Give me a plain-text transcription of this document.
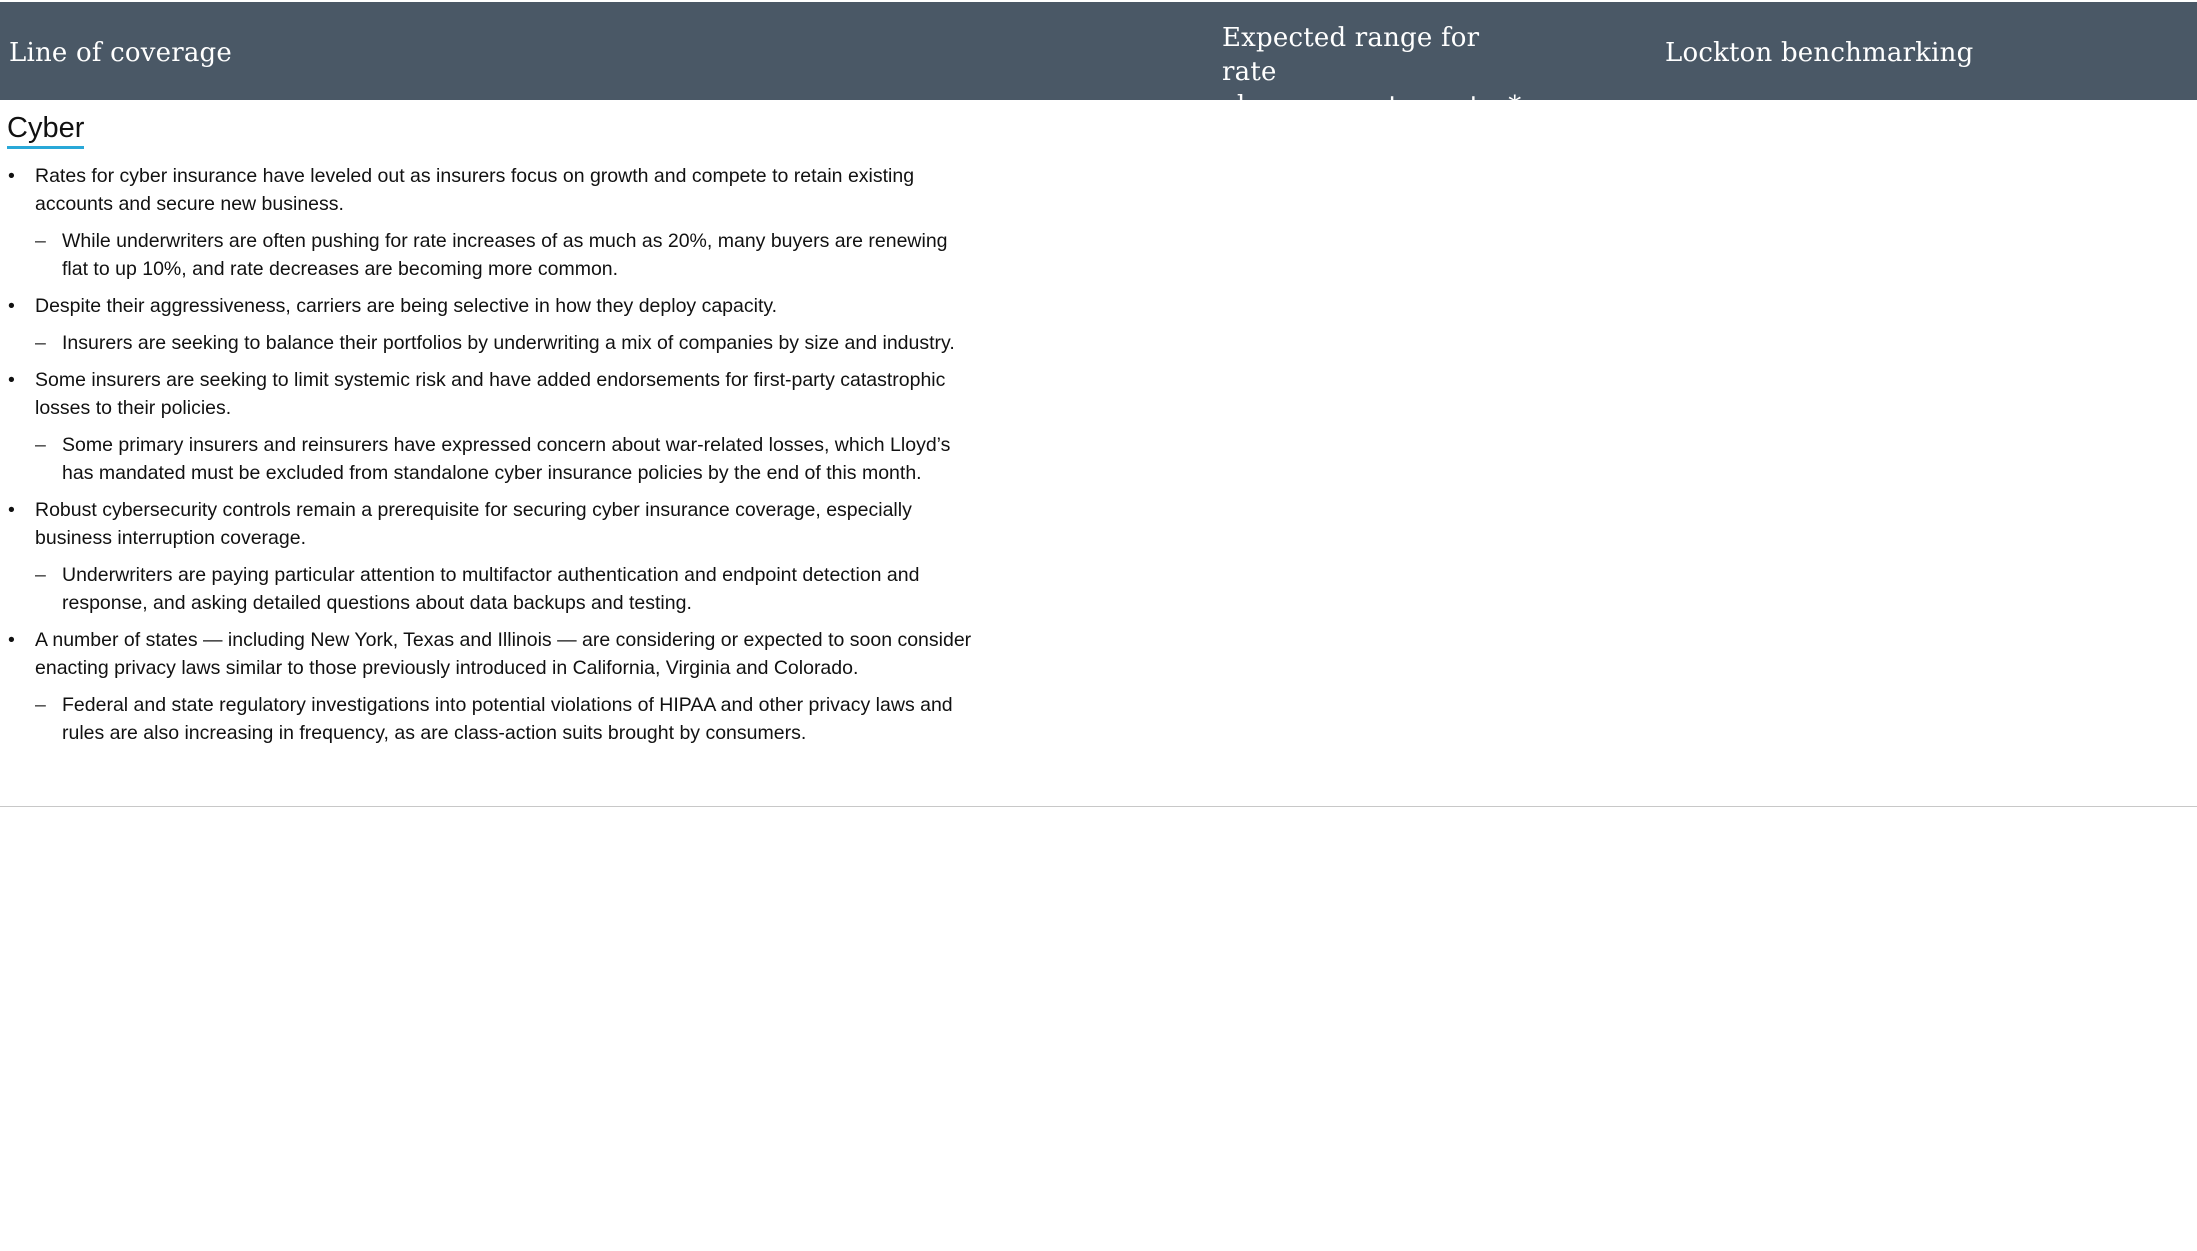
Line of coverage	Expected range for rate
changes next quarter*
Lockton benchmarking
Cyber
• Rates for cyber insurance have leveled out as insurers focus on growth and compete to retain existing accounts and secure new business.
– While underwriters are often pushing for rate increases of as much as 20%, many buyers are renewing flat to up 10%, and rate decreases are becoming more common.
• Despite their aggressiveness, carriers are being selective in how they deploy capacity.
– Insurers are seeking to balance their portfolios by underwriting a mix of companies by size and industry.
• Some insurers are seeking to limit systemic risk and have added endorsements for first-party catastrophic losses to their policies.
– Some primary insurers and reinsurers have expressed concern about war-related losses, which Lloyd’s has mandated must be excluded from standalone cyber insurance policies by the end of this month.
• Robust cybersecurity controls remain a prerequisite for securing cyber insurance coverage, especially business interruption coverage.
– Underwriters are paying particular attention to multifactor authentication and endpoint detection and response, and asking detailed questions about data backups and testing.
• A number of states — including New York, Texas and Illinois — are considering or expected to soon consider enacting privacy laws similar to those previously introduced in California, Virginia and Colorado.
– Federal and state regulatory investigations into potential violations of HIPAA and other privacy laws and rules are also increasing in frequency, as are class-action suits brought by consumers.
